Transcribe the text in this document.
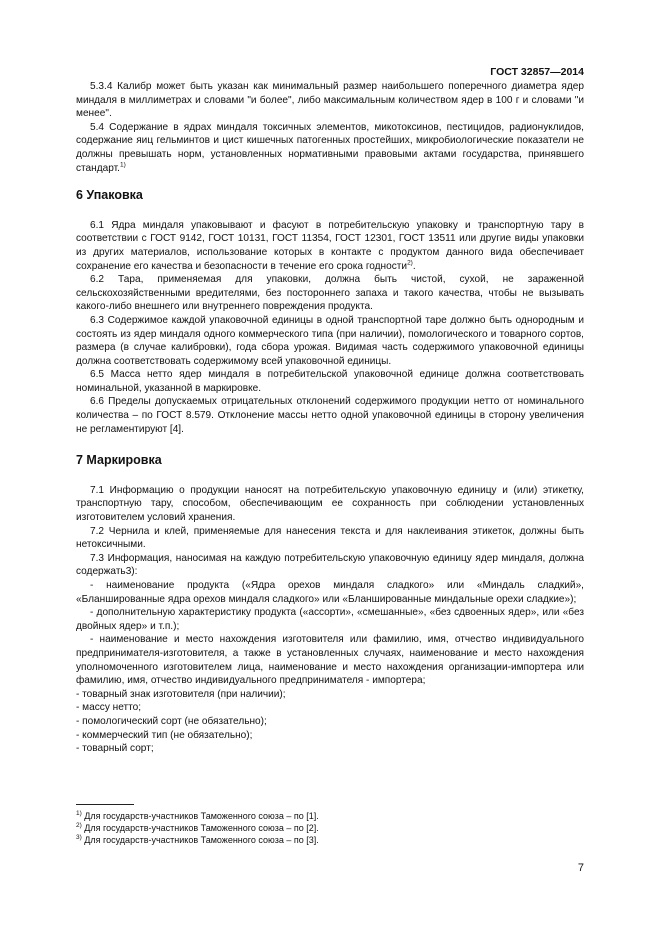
ГОСТ 32857—2014

5.3.4 Калибр может быть указан как минимальный размер наибольшего поперечного диаметра ядер миндаля в миллиметрах и словами "и более", либо максимальным количеством ядер в 100 г и словами "и менее".

5.4 Содержание в ядрах миндаля токсичных элементов, микотоксинов, пестицидов, радионуклидов, содержание яиц гельминтов и цист кишечных патогенных простейших, микробиологические показатели не должны превышать норм, установленных нормативными правовыми актами государства, принявшего стандарт.$^{1)}$

6 Упаковка

6.1 Ядра миндаля упаковывают и фасуют в потребительскую упаковку и транспортную тару в соответствии с ГОСТ 9142, ГОСТ 10131, ГОСТ 11354, ГОСТ 12301, ГОСТ 13511 или другие виды упаковки из других материалов, использование которых в контакте с продуктом данного вида обеспечивает сохранение его качества и безопасности в течение его срока годности$^{2)}$.

6.2 Тара, применяемая для упаковки, должна быть чистой, сухой, не зараженной сельскохозяйственными вредителями, без постороннего запаха и такого качества, чтобы не вызывать какого-либо внешнего или внутреннего повреждения продукта.

6.3 Содержимое каждой упаковочной единицы в одной транспортной таре должно быть однородным и состоять из ядер миндаля одного коммерческого типа (при наличии), помологического и товарного сортов, размера (в случае калибровки), года сбора урожая. Видимая часть содержимого упаковочной единицы должна соответствовать содержимому всей упаковочной единицы.

6.5 Масса нетто ядер миндаля в потребительской упаковочной единице должна соответствовать номинальной, указанной в маркировке.

6.6 Пределы допускаемых отрицательных отклонений содержимого продукции нетто от номинального количества – по ГОСТ 8.579. Отклонение массы нетто одной упаковочной единицы в сторону увеличения не регламентируют [4].

7 Маркировка

7.1 Информацию о продукции наносят на потребительскую упаковочную единицу и (или) этикетку, транспортную тару, способом, обеспечивающим ее сохранность при соблюдении установленных изготовителем условий хранения.

7.2 Чернила и клей, применяемые для нанесения текста и для наклеивания этикеток, должны быть нетоксичными.

7.3 Информация, наносимая на каждую потребительскую упаковочную единицу ядер миндаля, должна содержать3):

- наименование продукта («Ядра орехов миндаля сладкого» или «Миндаль сладкий», «Бланшированные ядра орехов миндаля сладкого» или «Бланшированные миндальные орехи сладкие»);

- дополнительную характеристику продукта («ассорти», «смешанные», «без сдвоенных ядер», или «без двойных ядер» и т.п.);

- наименование и место нахождения изготовителя или фамилию, имя, отчество индивидуального предпринимателя-изготовителя, а также в установленных случаях, наименование и место нахождения уполномоченного изготовителем лица, наименование и место нахождения организации-импортера или фамилию, имя, отчество индивидуального предпринимателя - импортера;

- товарный знак изготовителя (при наличии);

- массу нетто;

- помологический сорт (не обязательно);

- коммерческий тип (не обязательно);

- товарный сорт;

$^{1)}$ Для государств-участников Таможенного союза – по [1].
$^{2)}$ Для государств-участников Таможенного союза – по [2].
$^{3)}$ Для государств-участников Таможенного союза – по [3].
7
